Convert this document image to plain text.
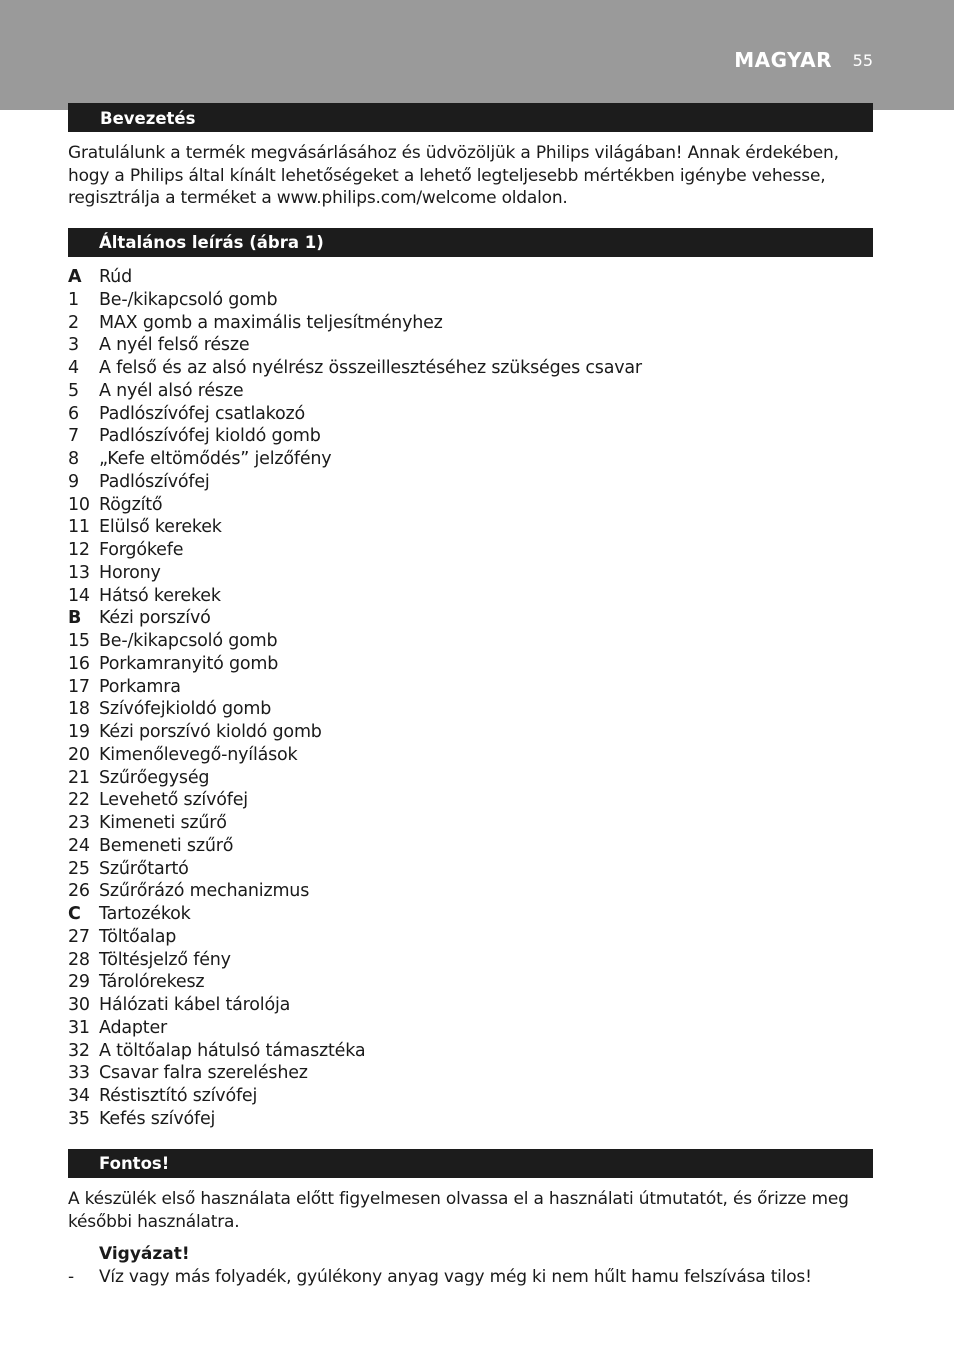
MAGYAR 55
Bevezetés
Gratulálunk a termék megvásárlásához és üdvözöljük a Philips világában! Annak érdekében, hogy a Philips által kínált lehetőségeket a lehető legteljesebb mértékben igénybe vehesse, regisztrálja a terméket a www.philips.com/welcome oldalon.
Általános leírás (ábra 1)
A	Rúd
1	Be-/kikapcsoló gomb
2	MAX gomb a maximális teljesítményhez
3	A nyél felső része
4	A felső és az alsó nyélrész összeillesztéséhez szükséges csavar
5	A nyél alsó része
6	Padlószívófej csatlakozó
7	Padlószívófej kioldó gomb
8	„Kefe eltömődés” jelzőfény
9	Padlószívófej
10 Rögzítő
11 Elülső kerekek
12 Forgókefe
13 Horony
14 Hátsó kerekek
B	Kézi porszívó
15 Be-/kikapcsoló gomb
16 Porkamranyitó gomb
17 Porkamra
18 Szívófejkioldó gomb
19 Kézi porszívó kioldó gomb
20 Kimenőlevegő-nyílások
21 Szűrőegység
22 Levehető szívófej
23 Kimeneti szűrő
24 Bemeneti szűrő
25 Szűrőtartó
26 Szűrőrázó mechanizmus
C	Tartozékok
27 Töltőalap
28 Töltésjelző fény
29 Tárolórekesz
30 Hálózati kábel tárolója
31 Adapter
32 A töltőalap hátulsó támasztéka
33 Csavar falra szereléshez
34 Réstisztító szívófej
35 Kefés szívófej
Fontos!
A készülék első használata előtt figyelmesen olvassa el a használati útmutatót, és őrizze meg későbbi használatra.
Vigyázat!
- Víz vagy más folyadék, gyúlékony anyag vagy még ki nem hűlt hamu felszívása tilos!
